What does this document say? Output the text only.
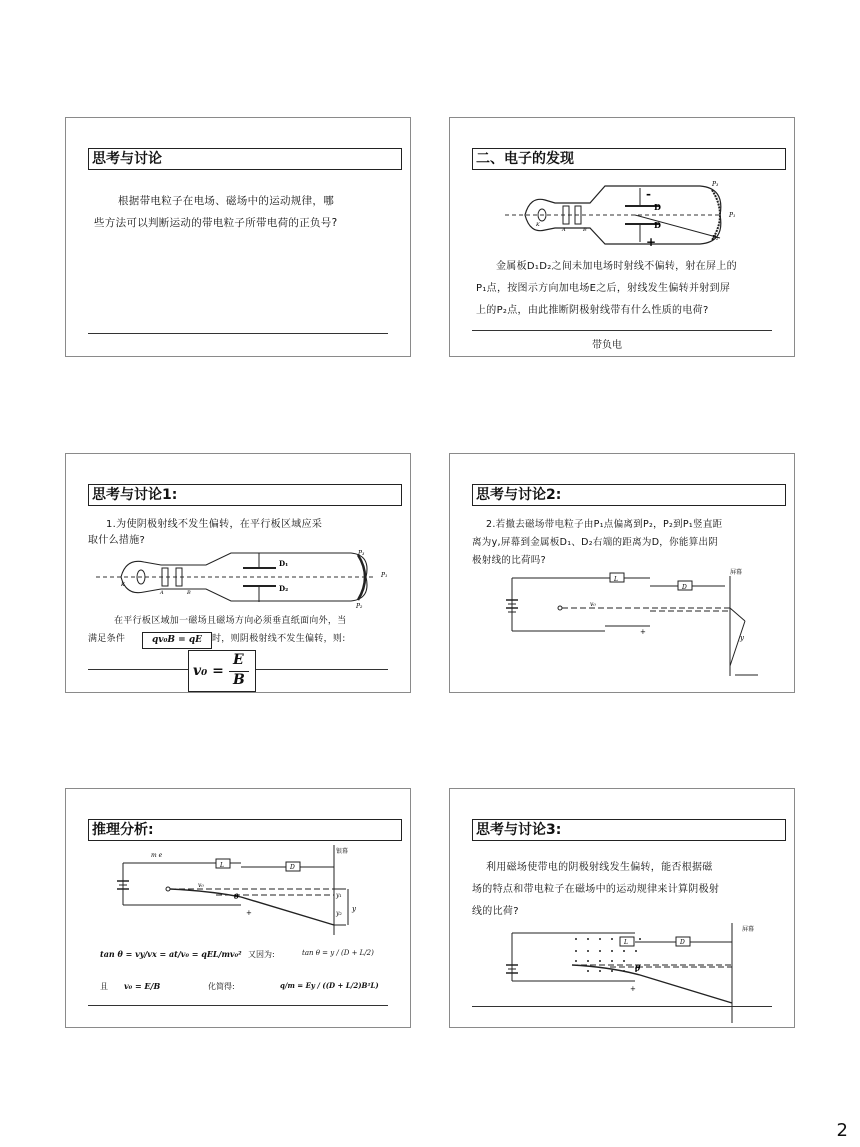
思考与讨论
根据带电粒子在电场、磁场中的运动规律，哪
些方法可以判断运动的带电粒子所带电荷的正负号?
二、电子的发现
-
+
D
D
P₃
P₁
P₂
K
A	B
金属板D₁D₂之间未加电场时射线不偏转，射在屏上的
P₁点，按图示方向加电场E之后，射线发生偏转并射到屏
上的P₂点，由此推断阴极射线带有什么性质的电荷?
带负电
思考与讨论1:
1.为使阴极射线不发生偏转，在平行板区域应采
取什么措施?
D₁
D₂
P₃
P₁
P₂
K
A	B
在平行板区域加一磁场且磁场方向必须垂直纸面向外，当
满足条件	qv₀B = qE	时，则阴极射线不发生偏转，则:
v₀ =
E
B
思考与讨论2:
2.若撤去磁场带电粒子由P₁点偏离到P₂，P₂到P₁竖直距
离为y,屏幕到金属板D₁、D₂右端的距离为D，你能算出阴
极射线的比荷吗?
屏幕
L
D
v₀
y
+
推理分析:
银幕
m e
L	D
v₀
θ	y₁
y₂
y
+
tan θ = vy/vx = at/v₀ = qEL/mv₀² 又因为:	tan θ = y / (D + L/2)
且 v₀ = E/B	化简得:	q/m = Ey / ((D + L/2)B²L)
思考与讨论3:
利用磁场使带电的阴极射线发生偏转，能否根据磁
场的特点和带电粒子在磁场中的运动规律来计算阴极射
线的比荷?
屏幕
L	D
θ
+
2
